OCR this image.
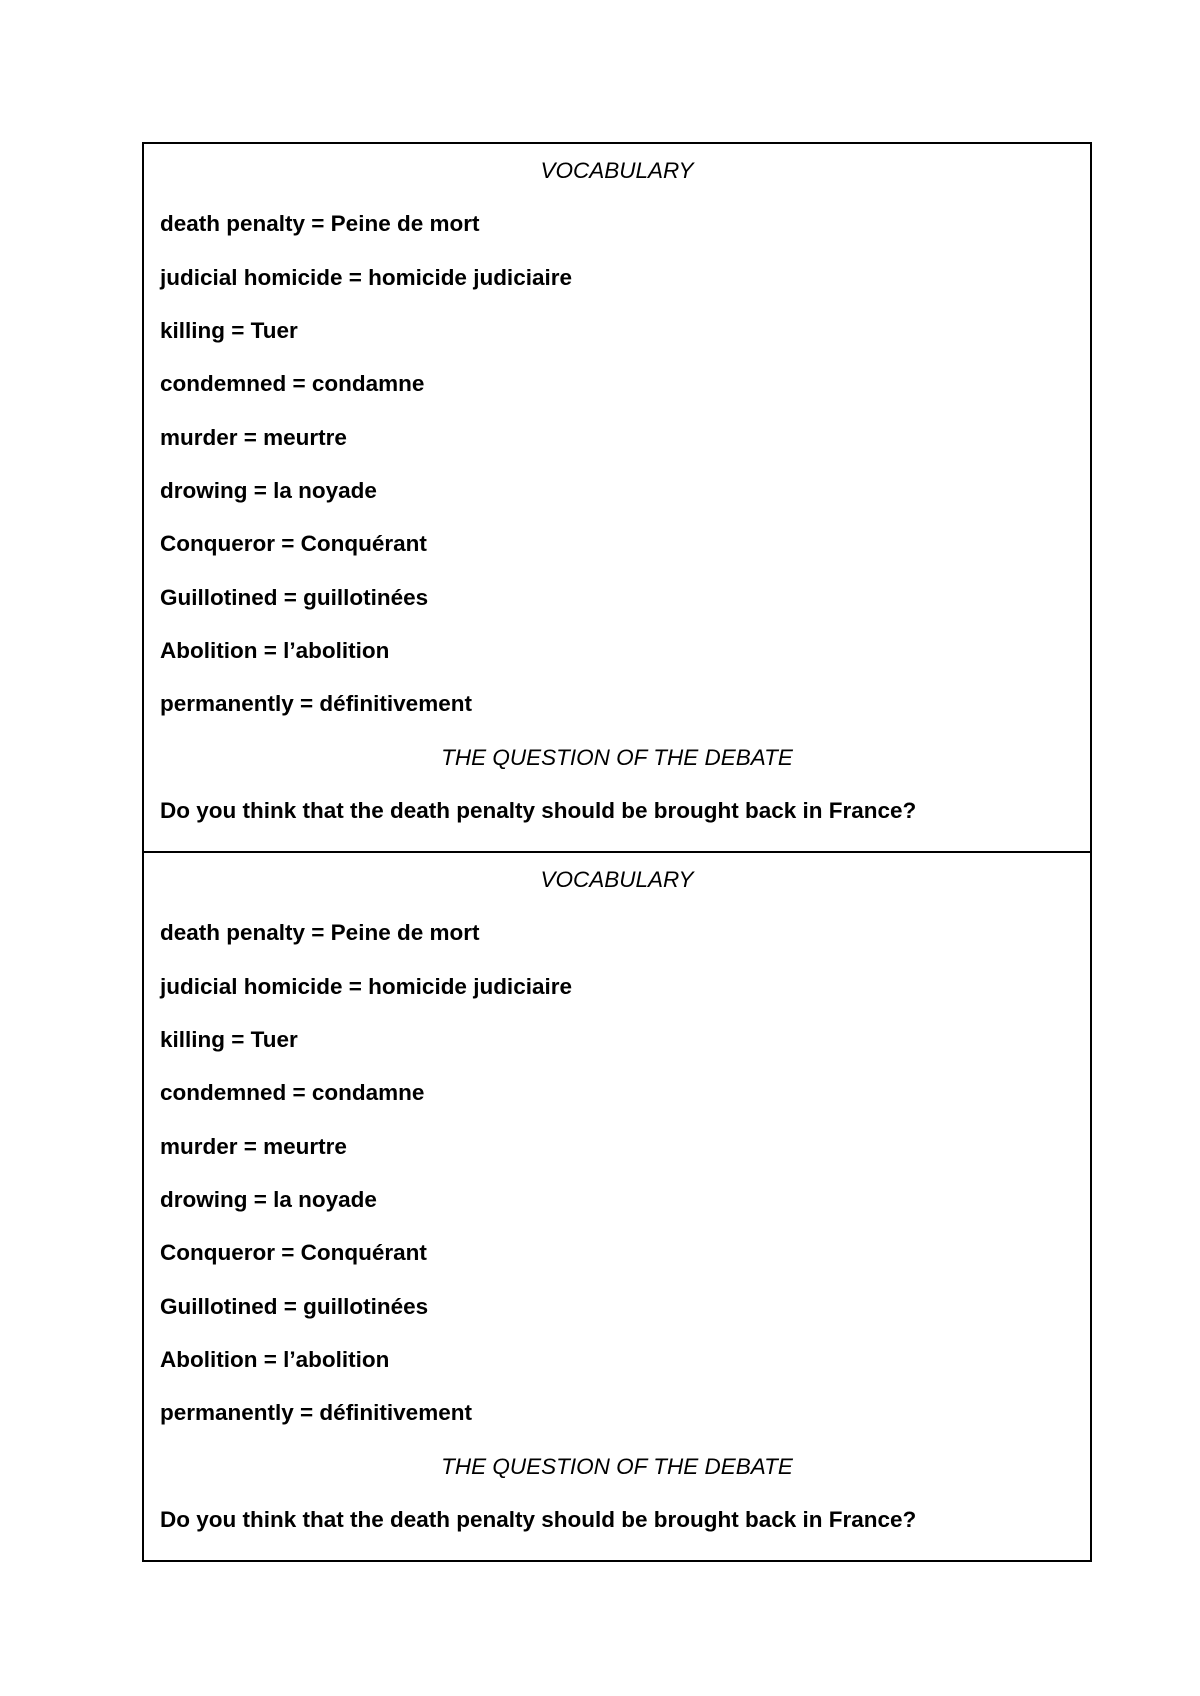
VOCABULARY
death penalty = Peine de mort
judicial homicide = homicide judiciaire
killing = Tuer
condemned = condamne
murder = meurtre
drowing = la noyade
Conqueror = Conquérant
Guillotined = guillotinées
Abolition = l’abolition
permanently = définitivement
THE QUESTION OF THE DEBATE
Do you think that the death penalty should be brought back in France?
VOCABULARY
death penalty = Peine de mort
judicial homicide = homicide judiciaire
killing = Tuer
condemned = condamne
murder = meurtre
drowing = la noyade
Conqueror = Conquérant
Guillotined = guillotinées
Abolition = l’abolition
permanently = définitivement
THE QUESTION OF THE DEBATE
Do you think that the death penalty should be brought back in France?
